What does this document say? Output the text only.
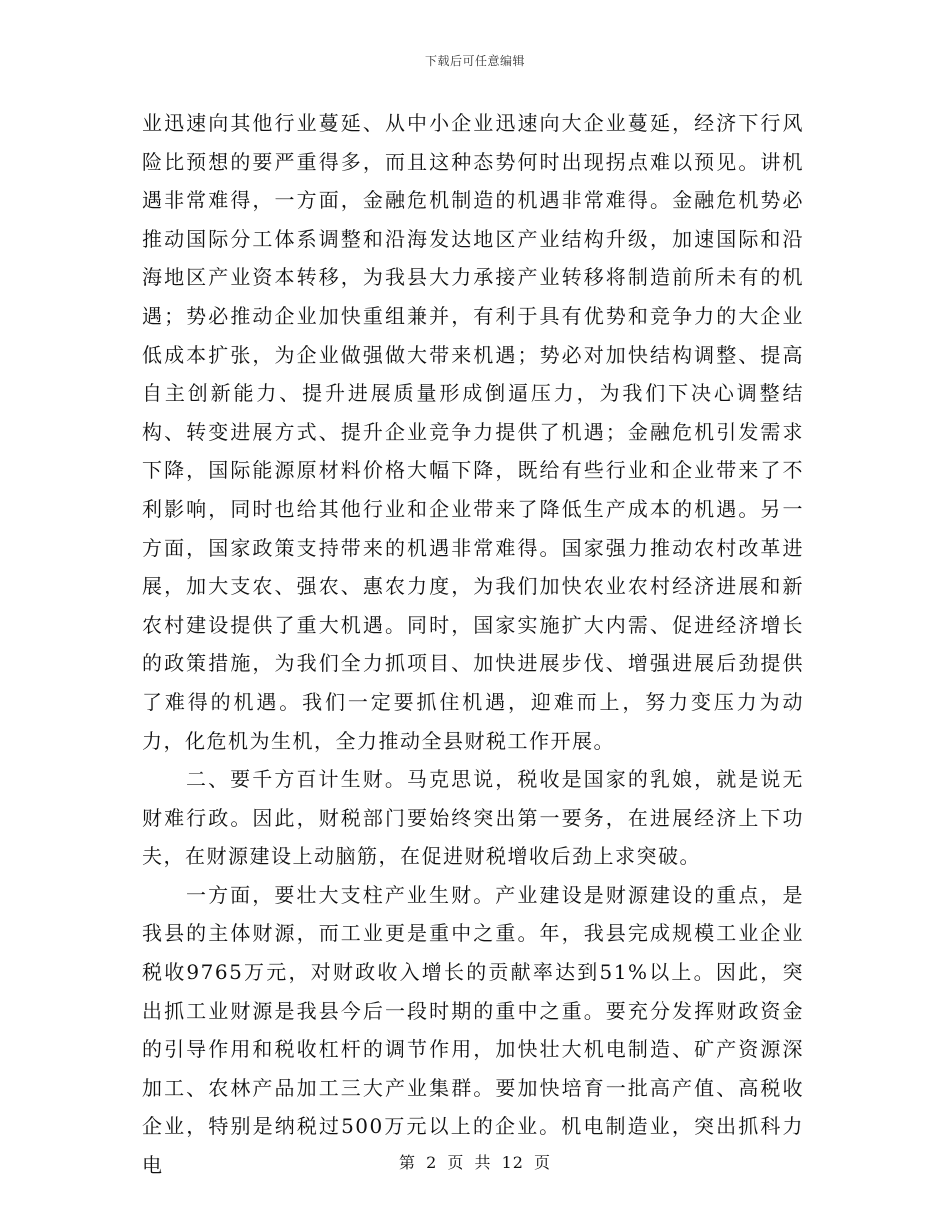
下载后可任意编辑

业迅速向其他行业蔓延、从中小企业迅速向大企业蔓延，经济下行风险比预想的要严重得多，而且这种态势何时出现拐点难以预见。讲机遇非常难得，一方面，金融危机制造的机遇非常难得。金融危机势必推动国际分工体系调整和沿海发达地区产业结构升级，加速国际和沿海地区产业资本转移，为我县大力承接产业转移将制造前所未有的机遇；势必推动企业加快重组兼并，有利于具有优势和竞争力的大企业低成本扩张，为企业做强做大带来机遇；势必对加快结构调整、提高自主创新能力、提升进展质量形成倒逼压力，为我们下决心调整结构、转变进展方式、提升企业竞争力提供了机遇；金融危机引发需求下降，国际能源原材料价格大幅下降，既给有些行业和企业带来了不利影响，同时也给其他行业和企业带来了降低生产成本的机遇。另一方面，国家政策支持带来的机遇非常难得。国家强力推动农村改革进展，加大支农、强农、惠农力度，为我们加快农业农村经济进展和新农村建设提供了重大机遇。同时，国家实施扩大内需、促进经济增长的政策措施，为我们全力抓项目、加快进展步伐、增强进展后劲提供了难得的机遇。我们一定要抓住机遇，迎难而上，努力变压力为动力，化危机为生机，全力推动全县财税工作开展。

二、要千方百计生财。马克思说，税收是国家的乳娘，就是说无财难行政。因此，财税部门要始终突出第一要务，在进展经济上下功夫，在财源建设上动脑筋，在促进财税增收后劲上求突破。

一方面，要壮大支柱产业生财。产业建设是财源建设的重点，是我县的主体财源，而工业更是重中之重。年，我县完成规模工业企业税收9765万元，对财政收入增长的贡献率达到51%以上。因此，突出抓工业财源是我县今后一段时期的重中之重。要充分发挥财政资金的引导作用和税收杠杆的调节作用，加快壮大机电制造、矿产资源深加工、农林产品加工三大产业集群。要加快培育一批高产值、高税收企业，特别是纳税过500万元以上的企业。机电制造业，突出抓科力电	第 2 页 共 12 页
